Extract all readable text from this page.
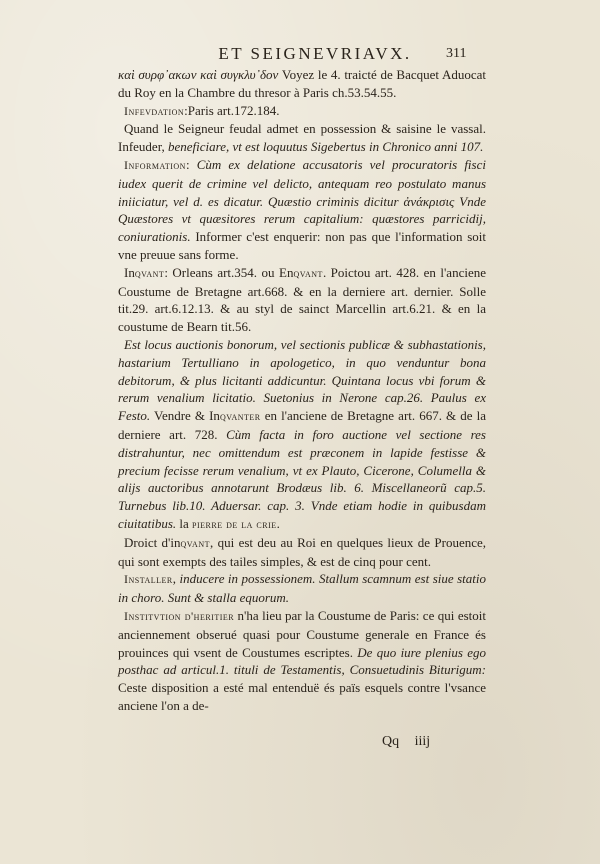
ET SEIGNEVRIAVX.	311

καὶ συρφ᾽ακων καὶ συγκλυ᾽δον Voyez le 4. traicté de Bacquet Aduocat du Roy en la Chambre du thresor à Paris ch.53.54.55.

Infevdation:Paris art.172.184.

Quand le Seigneur feudal admet en possession & saisine le vassal. Infeuder, beneficiare, vt est loquutus Sigebertus in Chronico anni 107.

Information: Cùm ex delatione accusatoris vel procuratoris fisci iudex querit de crimine vel delicto, antequam reo postulato manus iniiciatur, vel d. es dicatur. Quæstio criminis dicitur ἀνάκρισις Vnde Quæstores vt quæsitores rerum capitalium: quæstores parricidij, coniurationis. Informer c'est enquerir: non pas que l'information soit vne preuue sans forme.

Inqvant: Orleans art.354. ou Enqvant. Poictou art. 428. en l'anciene Coustume de Bretagne art.668. & en la derniere art. dernier. Solle tit.29. art.6.12.13. & au styl de sainct Marcellin art.6.21. & en la coustume de Bearn tit.56.

Est locus auctionis bonorum, vel sectionis publicæ & subhastationis, hastarium Tertulliano in apologetico, in quo venduntur bona debitorum, & plus licitanti addicuntur. Quintana locus vbi forum & rerum venalium licitatio. Suetonius in Nerone cap.26. Paulus ex Festo. Vendre & Inqvanter en l'anciene de Bretagne art. 667. & de la derniere art. 728. Cùm facta in foro auctione vel sectione res distrahuntur, nec omittendum est præconem in lapide festisse & precium fecisse rerum venalium, vt ex Plauto, Cicerone, Columella & alijs auctoribus annotarunt Brodæus lib. 6. Miscellaneorũ cap.5. Turnebus lib.10. Aduersar. cap. 3. Vnde etiam hodie in quibusdam ciuitatibus. la pierre de la crie.

Droict d'inqvant, qui est deu au Roi en quelques lieux de Prouence, qui sont exempts des tailes simples, & est de cinq pour cent.

Installer, inducere in possessionem. Stallum scamnum est siue statio in choro. Sunt & stalla equorum.

Institvtion d'heritier n'ha lieu par la Coustume de Paris: ce qui estoit anciennement obserué quasi pour Coustume generale en France és prouinces qui vsent de Coustumes escriptes. De quo iure plenius ego posthac ad articul.1. tituli de Testamentis, Consuetudinis Biturigum: Ceste disposition a esté mal entenduë és païs esquels contre l'vsance anciene l'on a de-

Qq iiij
